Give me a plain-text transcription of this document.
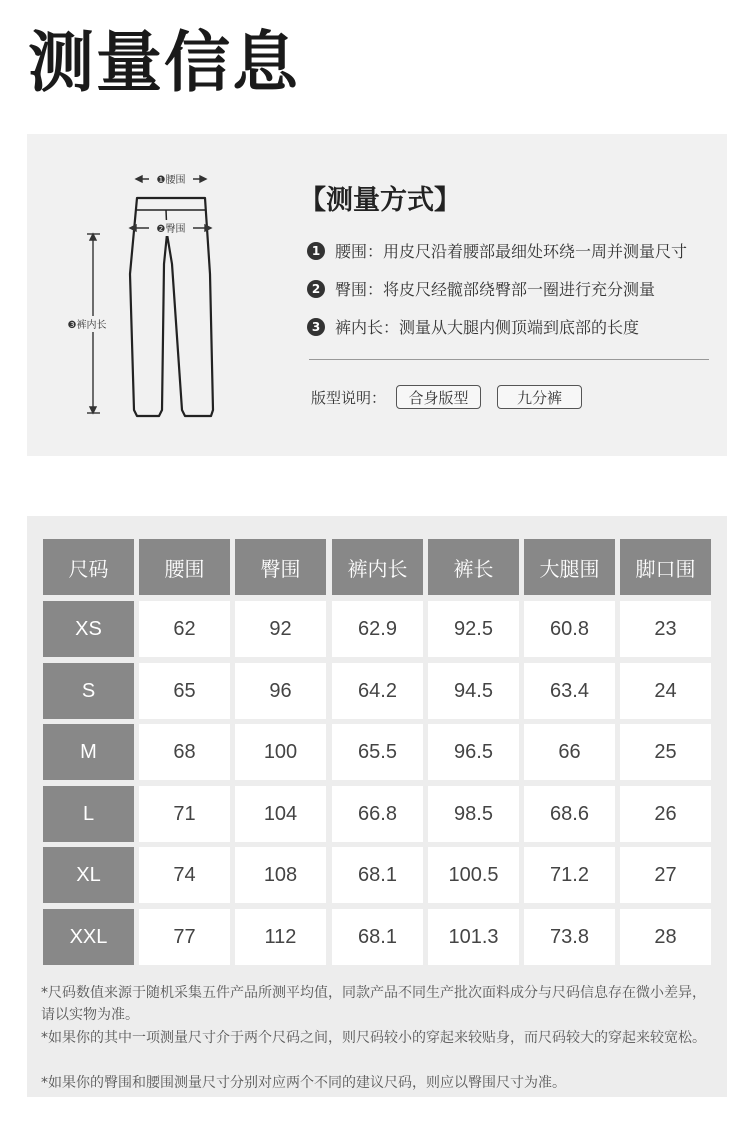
测量信息
❶腰围
❷臀围
❸裤内长
【测量方式】
1 腰围：用皮尺沿着腰部最细处环绕一周并测量尺寸
2 臀围：将皮尺经髋部绕臀部一圈进行充分测量
3 裤内长：测量从大腿内侧顶端到底部的长度
版型说明：	合身版型	九分裤
尺码	腰围	臀围	裤内长	裤长	大腿围	脚口围
XS	62	92	62.9	92.5	60.8	23
S	65	96	64.2	94.5	63.4	24
M	68	100	65.5	96.5	66	25
L	71	104	66.8	98.5	68.6	26
XL	74	108	68.1	100.5	71.2	27
XXL	77	112	68.1	101.3	73.8	28
*尺码数值来源于随机采集五件产品所测平均值，同款产品不同生产批次面料成分与尺码信息存在微小差异，请以实物为准。
*如果你的其中一项测量尺寸介于两个尺码之间，则尺码较小的穿起来较贴身，而尺码较大的穿起来较宽松。
*如果你的臀围和腰围测量尺寸分别对应两个不同的建议尺码，则应以臀围尺寸为准。
